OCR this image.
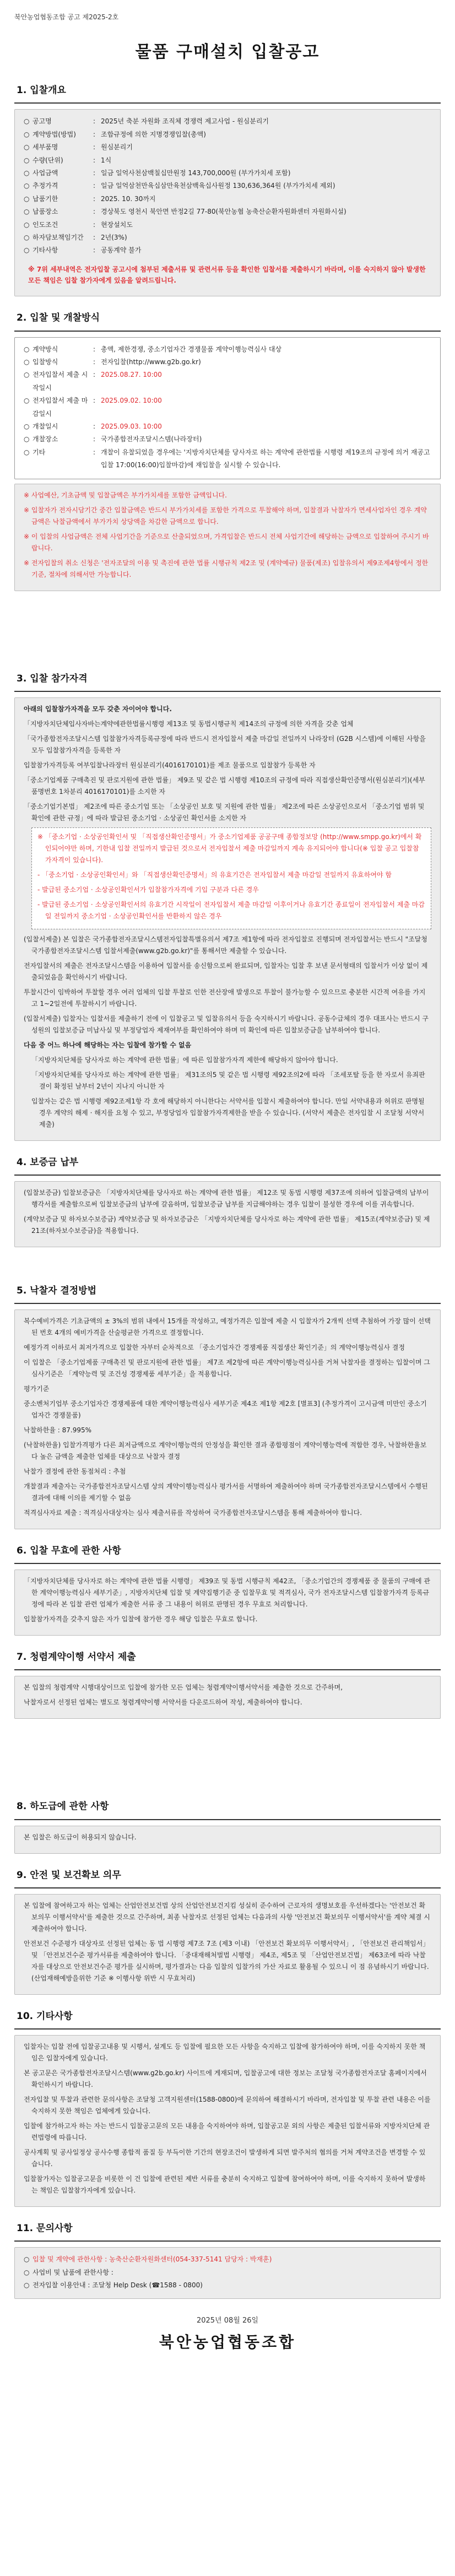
북안농업협동조합 공고 제2025-2호
물품 구매설치 입찰공고
1. 입찰개요
○ 공고명	: 2025년 축분 자원화 조직체 경쟁력 제고사업 - 원심분리기
○ 계약방법(방법)	: 조합규정에 의한 지명경쟁입찰(총액)
○ 세부품명	: 원심분리기
○ 수량(단위)	: 1식
○ 사업금액	: 일금 일억사천삼백칠십만원정 143,700,000원 (부가가치세 포함)
○ 추정가격	: 일금 일억삼천만육십삼만육천삼백육십사원정 130,636,364원 (부가가치세 제외)
○ 납품기한	: 2025. 10. 30까지
○ 납품장소	: 경상북도 영천시 북안면 반정2길 77-80(북안농협 농축산순환자원화센터 자원화시설)
○ 인도조건	: 현장설치도
○ 하자담보책임기간	: 2년(3%)
○ 기타사항	: 공동계약 불가
※ 7위 세부내역은 전자입찰 공고시에 첨부된 제출서류 및 관련서류 등을 확인한 입찰서를 제출하시기 바라며, 이를 숙지하지 않아 발생한 모든 책임은 입찰 참가자에게 있음을 알려드립니다.
2. 입찰 및 개찰방식
○ 계약방식	: 총액, 제한경쟁, 중소기업자간 경쟁물품 계약이행능력심사 대상
○ 입찰방식	: 전자입찰(http://www.g2b.go.kr)
○ 전자입찰서 제출 시작일시
: 2025.08.27. 10:00
○ 전자입찰서 제출 마감일시
: 2025.09.02. 10:00
○ 개찰일시	: 2025.09.03. 10:00
○ 개찰장소	: 국가종합전자조달시스템(나라장터)
○ 기타	: 개찰이 유찰되었을 경우에는 '지방자치단체를 당사자로 하는 계약에 관한법률 시행령 제19조의 규정에 의거 재공고 입찰 17:00(16:00)입찰마감)에 재입찰을 실시할 수 있습니다.
※ 사업예산, 기초금액 및 입찰금액은 부가가치세를 포함한 금액입니다.
※ 입찰자가 전자시담기간 중간 입찰금액은 반드시 부가가치세를 포함한 가격으로 투찰해야 하며, 입찰결과 낙찰자가 면세사업자인 경우 계약금액은 낙찰금액에서 부가가치 상당액을 차감한 금액으로 합니다.
※ 이 입찰의 사업금액은 전체 사업기간을 기준으로 산출되었으며, 가격입찰은 반드시 전체 사업기간에 해당하는 금액으로 입찰하여 주시기 바랍니다.
※ 전자입찰의 취소 신청은 '전자조달의 이용 및 촉진에 관한 법률 시행규칙 제2조 및 (계약예규) 물품(제조) 입찰유의서 제9조제4항에서 정한 기준, 절차에 의해서만 가능합니다.
3. 입찰 참가자격
아래의 입찰참가자격을 모두 갖춘 자이어야 합니다.
「지방자치단체입사자바는계약에관한법률시행령 제13조 및 동법시행규칙 제14조의 규정에 의한 자격을 갖춘 업체
「국가종합전자조달시스템 입찰참가자격등록규정에 따라 반드시 전자입찰서 제출 마감일 전일까지 나라장터 (G2B 시스템)에 이해된 사항을 모두 입찰참가자격을 등록한 자
입찰참가자격등록 여부입찰나라장터 원심분리기(4016170101)를 제조 물품으로 입찰참가 등록한 자
「중소기업제품 구매촉진 및 판로지원에 관한 법률」 제9조 및 같은 법 시행령 제10조의 규정에 따라 직접생산확인증명서(원심분리기)(세부품명번호 1차분리 4016170101)를 소지한 자
「중소기업기본법」 제2조에 따른 중소기업 또는 「소상공인 보호 및 지원에 관한 법률」 제2조에 따른 소상공인으로서 「중소기업 범위 및 확인에 관한 규정」에 따라 발급된 중소기업 · 소상공인 확인서를 소지한 자
※ 「중소기업 · 소상공인확인서 및 「직접생산확인증명서」가 중소기업제품 공공구매 종합정보망 (http://www.smpp.go.kr)에서 확인되어야만 하며, 기한내 입찰 전일까지 발급된 것으로서 전자입찰서 제출 마감일까지 계속 유지되어야 합니다(※ 입찰 공고 입찰참가자격이 있습니다).
- 「중소기업 · 소상공인확인서」와 「직접생산확인증명서」의 유효기간은 전자입찰서 제출 마감일 전일까지 유효하여야 함
- 발급된 중소기업 · 소상공인확인서가 입찰참가자격에 기입 구분과 다른 경우
- 발급된 중소기업 · 소상공인확인서의 유효기간 시작일이 전자입찰서 제출 마감일 이후이거나 유효기간 종료일이 전자입찰서 제출 마감일 전일까지 중소기업 · 소상공인확인서를 반환하지 않은 경우
(입찰서제출) 본 입찰은 국가종합전자조달시스템전자입찰특별유의서 제7조 제1항에 따라 전자입찰로 진행되며 전자입찰서는 반드시 "조달청 국가종합전자조달시스템 입찰서제출(www.g2b.go.kr)"를 통해서만 제출할 수 있습니다.
전자입찰서의 제출은 전자조달시스템을 이용하여 입찰서를 송신함으로써 완료되며, 입찰자는 입찰 후 보낸 문서형태의 입찰서가 이상 없이 제출되었음을 확인하시기 바랍니다.
투찰시간이 임박하여 투찰할 경우 여러 업체의 입찰 투찰로 인한 전산장애 발생으로 투찰이 불가능할 수 있으므로 충분한 시간적 여유를 가지고 1~2일전에 투찰하시기 바랍니다.
(입찰서제출) 입찰자는 입찰서를 제출하기 전에 이 입찰공고 및 입찰유의서 등을 숙지하시기 바랍니다. 공동수급체의 경우 대표사는 반드시 구성원의 입찰보증금 미납사실 및 부정당업자 제재여부를 확인하여야 하며 미 확인에 따른 입찰보증금을 납부하여야 합니다.
다음 중 어느 하나에 해당하는 자는 입찰에 참가할 수 없음
「지방자치단체를 당사자로 하는 계약에 관한 법률」에 따른 입찰참가자격 제한에 해당하지 않아야 합니다.
「지방자치단체를 당사자로 하는 계약에 관한 법률」 제31조의5 및 같은 법 시행령 제92조의2에 따라 「조세포탈 등을 한 자로서 유죄판결이 확정된 날부터 2년이 지나지 아니한 자
입찰자는 같은 법 시행령 제92조제1항 각 호에 해당하지 아니한다는 서약서를 입찰시 제출하여야 합니다. 만일 서약내용과 허위로 판명될 경우 계약의 해제 · 해지를 요청 수 있고, 부정당업자 입찰참가자격제한을 받을 수 있습니다. (서약서 제출은 전자입찰 시 조달청 서약서 제출)
4. 보증금 납부
(입찰보증금) 입찰보증금은 「지방자치단체를 당사자로 하는 계약에 관한 법률」 제12조 및 동법 시행령 제37조에 의하여 입찰금액의 납부이행각서를 제출함으로써 입찰보증금의 납부에 갈음하며, 입찰보증금 납부를 지급해야하는 경우 입찰이 불성한 경우에 이를 귀속합니다.
(계약보증금 및 하자보수보증금) 계약보증금 및 하자보증금은 「지방자치단체를 당사자로 하는 계약에 관한 법률」 제15조(계약보증금) 및 제21조(하자보수보증금)을 적용합니다.
5. 낙찰자 결정방법
복수예비가격은 기초금액의 ± 3%의 범위 내에서 15개를 작성하고, 예정가격은 입찰에 제출 시 입찰자가 2개씩 선택 추첨하여 가장 많이 선택된 번호 4개의 예비가격을 산술평균한 가격으로 결정합니다.
예정가격 이하로서 최저가격으로 입찰한 자부터 순차적으로 「중소기업자간 경쟁제품 직접생산 확인기준」의 계약이행능력심사 결정
이 입찰은 「중소기업제품 구매촉진 및 판로지원에 관한 법률」 제7조 제2항에 따른 계약이행능력심사를 거쳐 낙찰자를 결정하는 입찰이며 그 심사기준은 「계약능력 및 조건성 경쟁제품 세부기준」을 적용합니다.
평가기준
중소벤처기업부 중소기업자간 경쟁제품에 대한 계약이행능력심사 세부기준 제4조 제1항 제2호 [별표3] (추정가격이 고시금액 미만인 중소기업자간 경쟁물품)
낙찰하한율 : 87.995%
(낙찰하한율) 입찰가격평가 다른 최저금액으로 계약이행능력의 안정성을 확인한 결과 종합평점이 계약이행능력에 적합한 경우, 낙찰하한율보다 높은 금액을 제출한 업체를 대상으로 낙찰자 결정
낙찰가 결정에 관한 동점처리 : 추첨
개찰결과 제출자는 국가종합전자조달시스템 상의 계약이행능력심사 평가서를 서명하여 제출하여야 하며 국가종합전자조달시스템에서 수행된 결과에 대해 이의를 제기할 수 없음
적격심사자료 제출 : 적격심사대상자는 심사 제출서류를 작성하여 국가종합전자조달시스템을 통해 제출하여야 합니다.
6. 입찰 무효에 관한 사항
「지방자치단체를 당사자로 하는 계약에 관한 법률 시행령」 제39조 및 동법 시행규칙 제42조, 「중소기업간의 경쟁제품 중 물품의 구매에 관한 계약이행능력심사 세부기준」, 지방자치단체 입찰 및 계약집행기준 중 입찰무효 및 적격심사, 국가 전자조달시스템 입찰참가자격 등록규정에 따라 본 입찰 관련 업체가 제출한 서류 중 그 내용이 허위로 판명된 경우 무효로 처리합니다.
입찰참가자격을 갖추지 않은 자가 입찰에 참가한 경우 해당 입찰은 무효로 합니다.
7. 청렴계약이행 서약서 제출
본 입찰의 청렴계약 시행대상이므로 입찰에 참가한 모든 업체는 청렴계약이행서약서를 제출한 것으로 간주하며,
낙찰자로서 선정된 업체는 별도로 청렴계약이행 서약서를 다운로드하여 작성, 제출하여야 합니다.
8. 하도급에 관한 사항
본 입찰은 하도급이 허용되지 않습니다.
9. 안전 및 보건확보 의무
본 입찰에 참여하고자 하는 업체는 산업안전보건법 상의 산업안전보건지킴 성실히 준수하여 근로자의 생명보호를 우선하겠다는 '안전보건 확보의무 이행서약서'를 제출한 것으로 간주하며, 최종 낙찰자로 선정된 업체는 다음과의 사항 '안전보건 확보의무 이행서약서'를 계약 체결 시 제출하여야 합니다.
안전보건 수준평가 대상자로 선정된 업체는 동 법 시행령 제7조 7조 (제3 이내) 「안전보건 확보의무 이행서약서」, 「안전보건 관리책임서」 및 「안전보건수준 평가서류를 제출하여야 합니다. 「중대재해처벌법 시행령」 제4조, 제5조 및 「산업안전보건법」 제63조에 따라 낙찰자를 대상으로 안전보건수준 평가를 실시하며, 평가결과는 다음 입찰의 입찰가의 가산 자료로 활용될 수 있으니 이 점 유념하시기 바랍니다. (산업재해예방을위한 기준 ※ 이행사항 위반 시 무효처리)
10. 기타사항
입찰자는 입찰 전에 입찰공고내용 및 시행서, 설계도 등 입찰에 필요한 모든 사항을 숙지하고 입찰에 참가하여야 하며, 이를 숙지하지 못한 책임은 입찰자에게 있습니다.
본 공고문은 국가종합전자조달시스템(www.g2b.go.kr) 사이트에 게재되며, 입찰공고에 대한 정보는 조달청 국가종합전자조달 홈페이지에서 확인하시기 바랍니다.
전자입찰 및 투찰과 관련한 문의사항은 조달청 고객지원센터(1588-0800)에 문의하여 해결하시기 바라며, 전자입찰 및 투찰 관련 내용은 이를 숙지하지 못한 책임은 업체에게 있습니다.
입찰에 참가하고자 하는 자는 반드시 입찰공고문의 모든 내용을 숙지하여야 하며, 입찰공고문 외의 사항은 제출된 입찰서류와 지방자치단체 관련법령에 따릅니다.
공사계획 및 공사일정상 공사수행 종합적 품질 등 부득이한 기간의 현장조건이 발생하게 되면 발주처의 협의를 거쳐 계약조건을 변경할 수 있습니다.
입찰참가자는 입찰공고문을 비롯한 이 건 입찰에 관련된 제반 서류를 충분히 숙지하고 입찰에 참여하여야 하며, 이를 숙지하지 못하여 발생하는 책임은 입찰참가자에게 있습니다.
11. 문의사항
○ 입찰 및 계약에 관한사항 : 농축산순환자원화센터(054-337-5141 담당자 : 박재훈)
○ 사업비 및 납품에 관한사항 :
○ 전자입찰 이용안내 : 조달청 Help Desk (☎1588 - 0800)
2025년 08월 26일
북안농업협동조합
